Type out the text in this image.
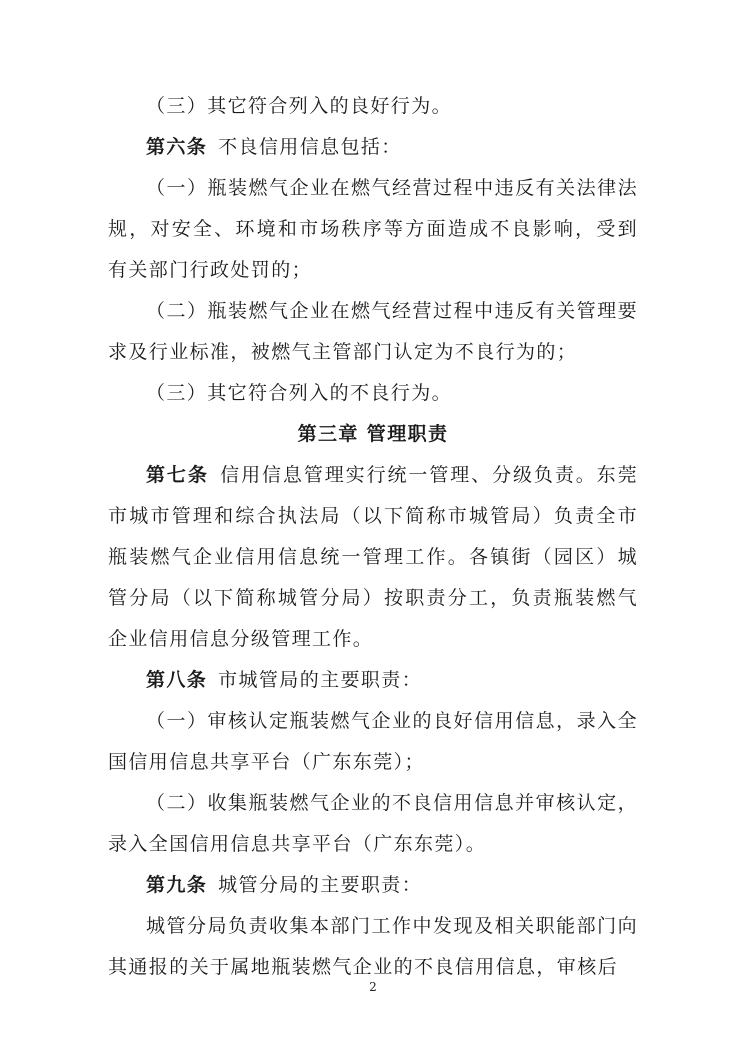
（三）其它符合列入的良好行为。

第六条  不良信用信息包括：

（一）瓶装燃气企业在燃气经营过程中违反有关法律法规，对安全、环境和市场秩序等方面造成不良影响，受到有关部门行政处罚的；

（二）瓶装燃气企业在燃气经营过程中违反有关管理要求及行业标准，被燃气主管部门认定为不良行为的；

（三）其它符合列入的不良行为。

第三章 管理职责

第七条  信用信息管理实行统一管理、分级负责。东莞市城市管理和综合执法局（以下简称市城管局）负责全市瓶装燃气企业信用信息统一管理工作。各镇街（园区）城管分局（以下简称城管分局）按职责分工，负责瓶装燃气企业信用信息分级管理工作。

第八条  市城管局的主要职责：

（一）审核认定瓶装燃气企业的良好信用信息，录入全国信用信息共享平台（广东东莞）；

（二）收集瓶装燃气企业的不良信用信息并审核认定，录入全国信用信息共享平台（广东东莞）。

第九条  城管分局的主要职责：

城管分局负责收集本部门工作中发现及相关职能部门向其通报的关于属地瓶装燃气企业的不良信用信息，审核后

2
